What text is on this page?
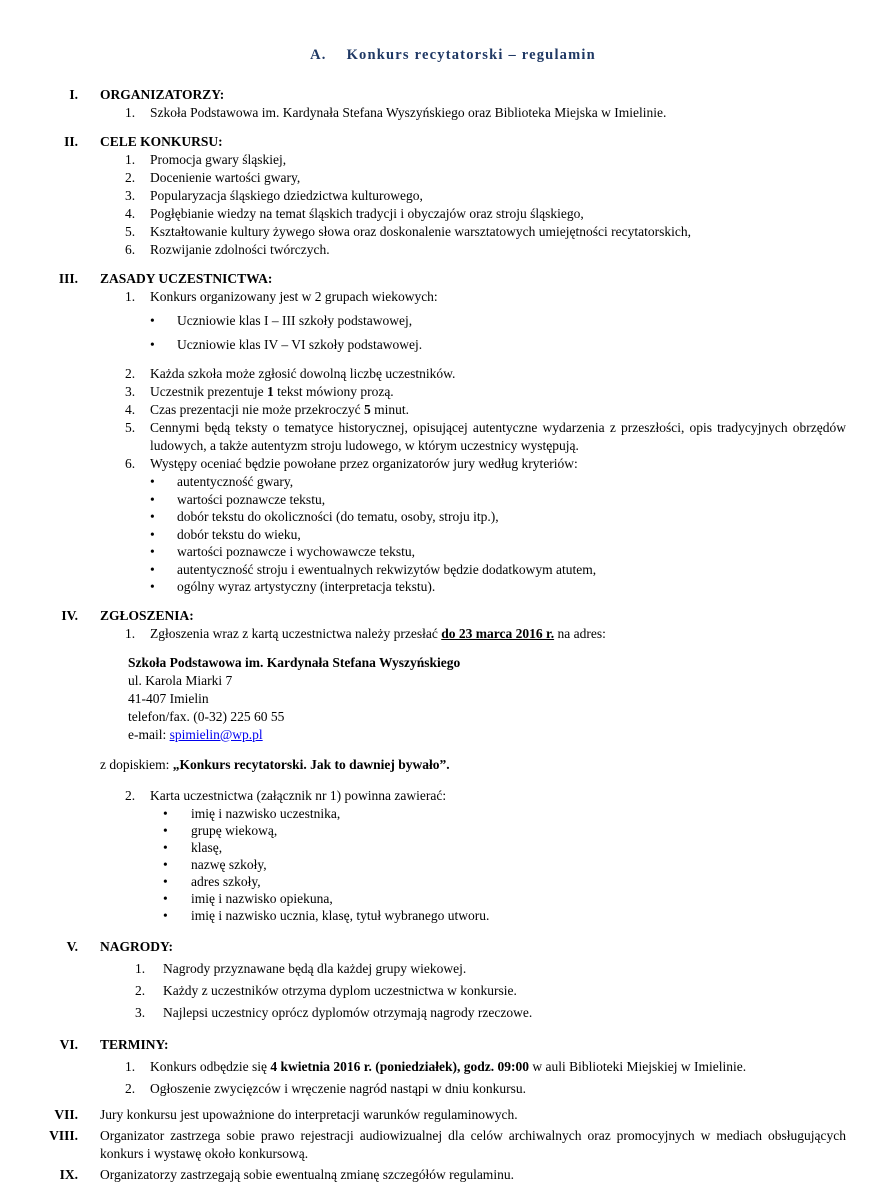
A. Konkurs recytatorski – regulamin
I. ORGANIZATORZY:
1.	Szkoła Podstawowa im. Kardynała Stefana Wyszyńskiego oraz Biblioteka Miejska w Imielinie.
II. CELE KONKURSU:
1.	Promocja gwary śląskiej,
2.	Docenienie wartości gwary,
3.	Popularyzacja śląskiego dziedzictwa kulturowego,
4.	Pogłębianie wiedzy na temat śląskich tradycji i obyczajów oraz stroju śląskiego,
5.	Kształtowanie kultury żywego słowa oraz doskonalenie warsztatowych umiejętności recytatorskich,
6.	Rozwijanie zdolności twórczych.
III. ZASADY UCZESTNICTWA:
1.	Konkurs organizowany jest w 2 grupach wiekowych:
•	Uczniowie klas I – III szkoły podstawowej,
•	Uczniowie klas IV – VI szkoły podstawowej.
2.	Każda szkoła może zgłosić dowolną liczbę uczestników.
3.	Uczestnik prezentuje 1 tekst mówiony prozą.
4.	Czas prezentacji nie może przekroczyć 5 minut.
5.	Cennymi będą teksty o tematyce historycznej, opisującej autentyczne wydarzenia z przeszłości, opis tradycyjnych obrzędów ludowych, a także autentyzm stroju ludowego, w którym uczestnicy występują.
6.	Występy oceniać będzie powołane przez organizatorów jury według kryteriów:
•	autentyczność gwary,
•	wartości poznawcze tekstu,
•	dobór tekstu do okoliczności (do tematu, osoby, stroju itp.),
•	dobór tekstu do wieku,
•	wartości poznawcze i wychowawcze tekstu,
•	autentyczność stroju i ewentualnych rekwizytów będzie dodatkowym atutem,
•	ogólny wyraz artystyczny (interpretacja tekstu).
IV. ZGŁOSZENIA:
1.	Zgłoszenia wraz z kartą uczestnictwa należy przesłać do 23 marca 2016 r. na adres:
Szkoła Podstawowa im. Kardynała Stefana Wyszyńskiego
ul. Karola Miarki 7
41-407 Imielin
telefon/fax. (0-32) 225 60 55
e-mail: spimielin@wp.pl
z dopiskiem: „Konkurs recytatorski. Jak to dawniej bywało”.
2.	Karta uczestnictwa (załącznik nr 1) powinna zawierać:
•	imię i nazwisko uczestnika,
•	grupę wiekową,
•	klasę,
•	nazwę szkoły,
•	adres szkoły,
•	imię i nazwisko opiekuna,
•	imię i nazwisko ucznia, klasę, tytuł wybranego utworu.
V. NAGRODY:
1.	Nagrody przyznawane będą dla każdej grupy wiekowej.
2.	Każdy z uczestników otrzyma dyplom uczestnictwa w konkursie.
3.	Najlepsi uczestnicy oprócz dyplomów otrzymają nagrody rzeczowe.
VI. TERMINY:
1.	Konkurs odbędzie się 4 kwietnia 2016 r. (poniedziałek), godz. 09:00 w auli Biblioteki Miejskiej w Imielinie.
2.	Ogłoszenie zwycięzców i wręczenie nagród nastąpi w dniu konkursu.
VII. Jury konkursu jest upoważnione do interpretacji warunków regulaminowych.
VIII. Organizator zastrzega sobie prawo rejestracji audiowizualnej dla celów archiwalnych oraz promocyjnych w mediach obsługujących konkurs i wystawę około konkursową.
IX. Organizatorzy zastrzegają sobie ewentualną zmianę szczegółów regulaminu.
